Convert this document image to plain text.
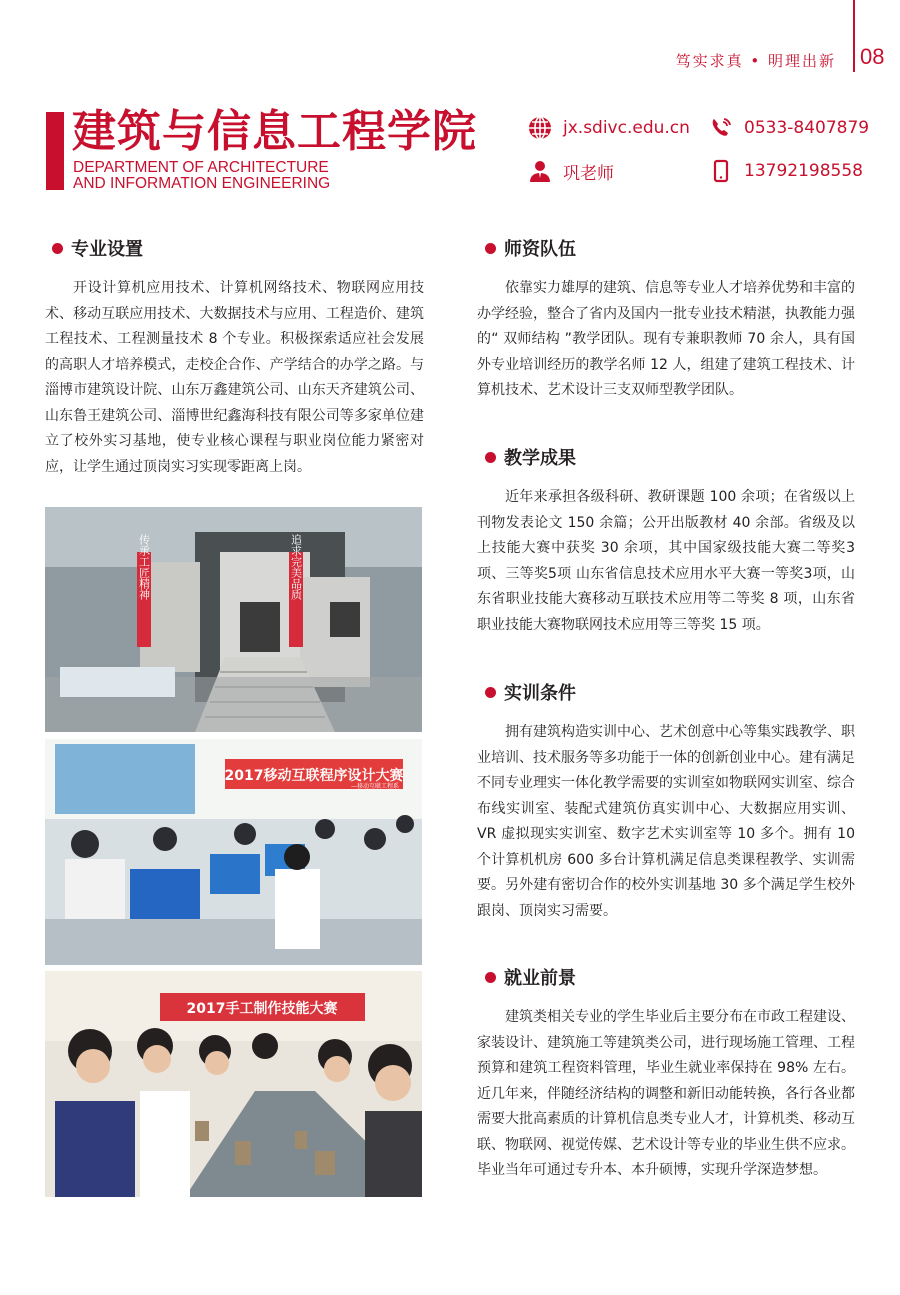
笃实求真 • 明理出新 08
建筑与信息工程学院
DEPARTMENT OF ARCHITECTURE
AND INFORMATION ENGINEERING
jx.sdivc.edu.cn	0533-8407879
巩老师	13792198558
专业设置

开设计算机应用技术、计算机网络技术、物联网应用技术、移动互联应用技术、大数据技术与应用、工程造价、建筑工程技术、工程测量技术 8 个专业。积极探索适应社会发展的高职人才培养模式，走校企合作、产学结合的办学之路。与淄博市建筑设计院、山东万鑫建筑公司、山东天齐建筑公司、山东鲁王建筑公司、淄博世纪鑫海科技有限公司等多家单位建立了校外实习基地，使专业核心课程与职业岗位能力紧密对应，让学生通过顶岗实习实现零距离上岗。

传承工匠精神	追求完美品质
2017移动互联程序设计大赛
—移动互联工程系
2017手工制作技能大赛
师资队伍

依靠实力雄厚的建筑、信息等专业人才培养优势和丰富的办学经验，整合了省内及国内一批专业技术精湛，执教能力强的“ 双师结构 ”教学团队。现有专兼职教师 70 余人，具有国外专业培训经历的教学名师 12 人，组建了建筑工程技术、计算机技术、艺术设计三支双师型教学团队。

教学成果

近年来承担各级科研、教研课题 100 余项；在省级以上刊物发表论文 150 余篇；公开出版教材 40 余部。省级及以上技能大赛中获奖 30 余项，其中国家级技能大赛二等奖3项、三等奖5项 山东省信息技术应用水平大赛一等奖3项，山东省职业技能大赛移动互联技术应用等二等奖 8 项，山东省职业技能大赛物联网技术应用等三等奖 15 项。

实训条件

拥有建筑构造实训中心、艺术创意中心等集实践教学、职业培训、技术服务等多功能于一体的创新创业中心。建有满足不同专业理实一体化教学需要的实训室如物联网实训室、综合布线实训室、装配式建筑仿真实训中心、大数据应用实训、VR 虚拟现实实训室、数字艺术实训室等 10 多个。拥有 10 个计算机机房 600 多台计算机满足信息类课程教学、实训需要。另外建有密切合作的校外实训基地 30 多个满足学生校外跟岗、顶岗实习需要。

就业前景

建筑类相关专业的学生毕业后主要分布在市政工程建设、家装设计、建筑施工等建筑类公司，进行现场施工管理、工程预算和建筑工程资料管理，毕业生就业率保持在 98% 左右。近几年来，伴随经济结构的调整和新旧动能转换，各行各业都需要大批高素质的计算机信息类专业人才，计算机类、移动互联、物联网、视觉传媒、艺术设计等专业的毕业生供不应求。毕业当年可通过专升本、本升硕博，实现升学深造梦想。
